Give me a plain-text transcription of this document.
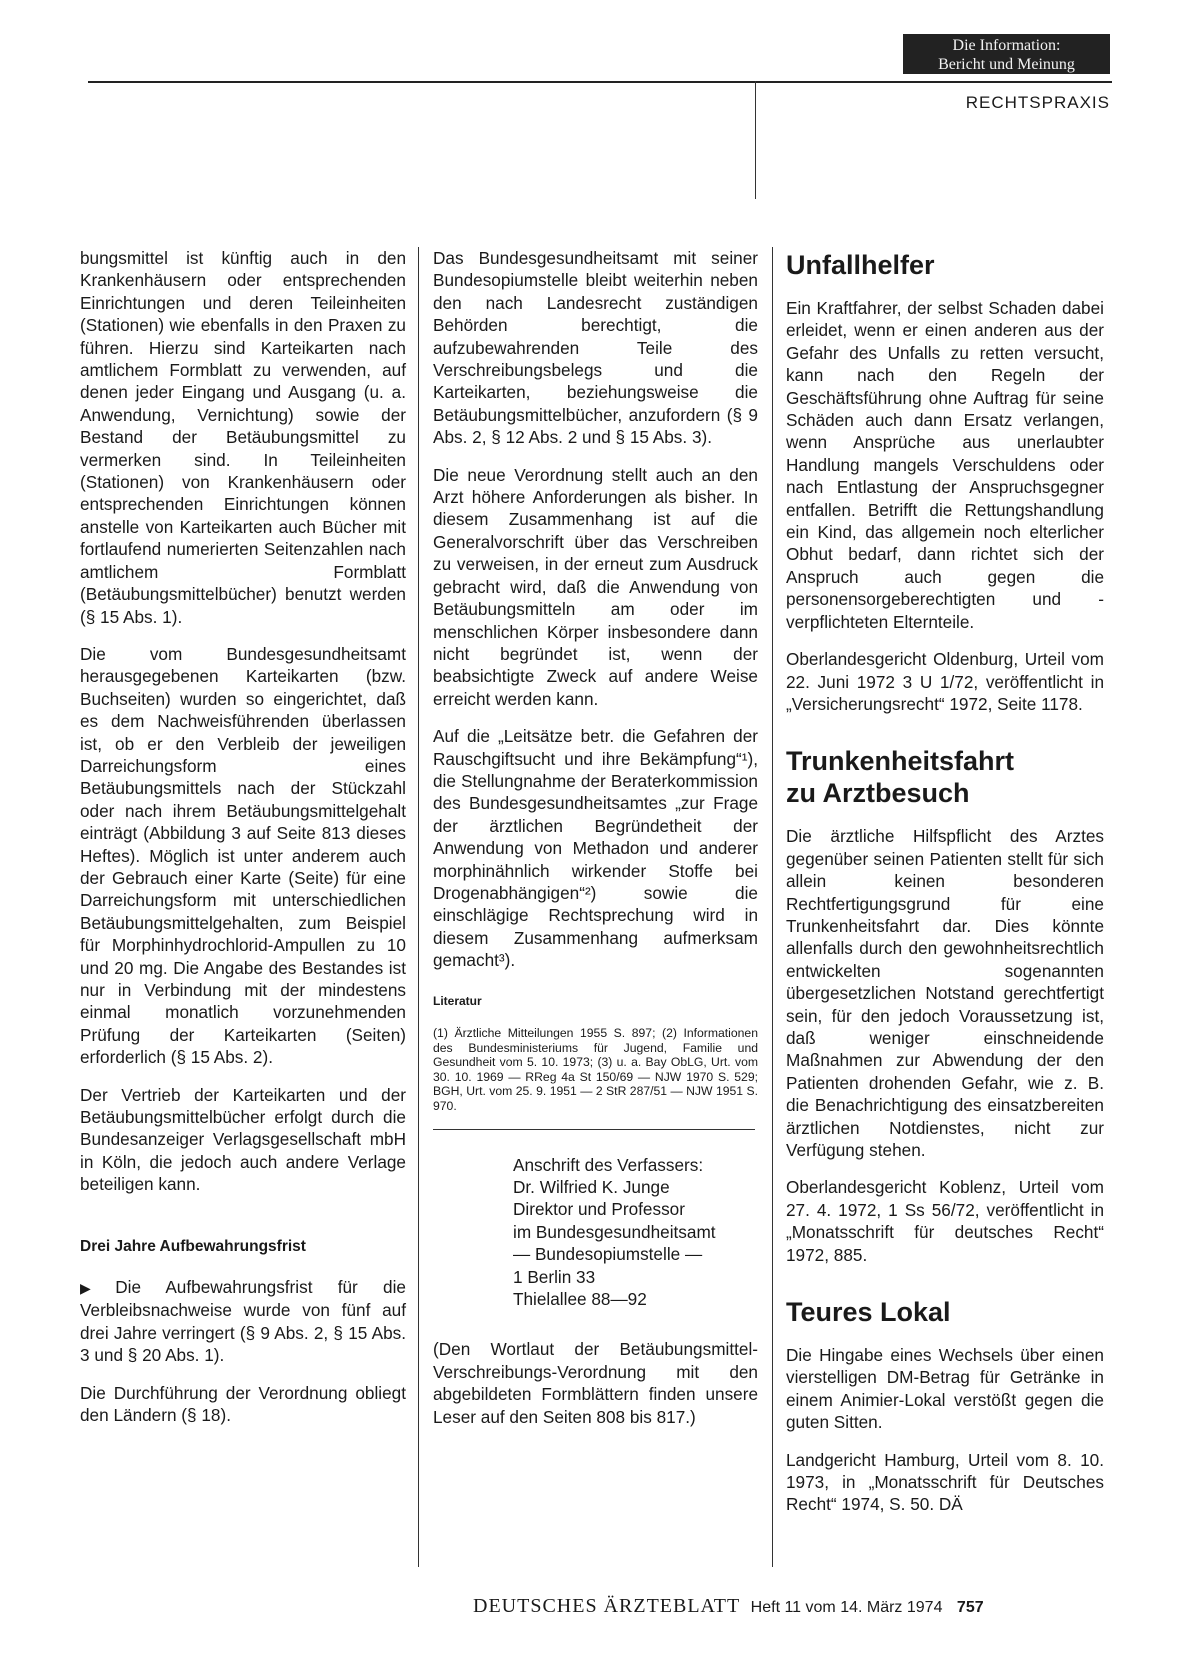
Die Information:
Bericht und Meinung
RECHTSPRAXIS

bungsmittel ist künftig auch in den Krankenhäusern oder entsprechenden Einrichtungen und deren Teileinheiten (Stationen) wie ebenfalls in den Praxen zu führen. Hierzu sind Karteikarten nach amtlichem Formblatt zu verwenden, auf denen jeder Eingang und Ausgang (u. a. Anwendung, Vernichtung) sowie der Bestand der Betäubungsmittel zu vermerken sind. In Teileinheiten (Stationen) von Krankenhäusern oder entsprechenden Einrichtungen können anstelle von Karteikarten auch Bücher mit fortlaufend numerierten Seitenzahlen nach amtlichem Formblatt (Betäubungsmittelbücher) benutzt werden (§ 15 Abs. 1).

Die vom Bundesgesundheitsamt herausgegebenen Karteikarten (bzw. Buchseiten) wurden so eingerichtet, daß es dem Nachweisführenden überlassen ist, ob er den Verbleib der jeweiligen Darreichungsform eines Betäubungsmittels nach der Stückzahl oder nach ihrem Betäubungsmittelgehalt einträgt (Abbildung 3 auf Seite 813 dieses Heftes). Möglich ist unter anderem auch der Gebrauch einer Karte (Seite) für eine Darreichungsform mit unterschiedlichen Betäubungsmittelgehalten, zum Beispiel für Morphinhydrochlorid-Ampullen zu 10 und 20 mg. Die Angabe des Bestandes ist nur in Verbindung mit der mindestens einmal monatlich vorzunehmenden Prüfung der Karteikarten (Seiten) erforderlich (§ 15 Abs. 2).

Der Vertrieb der Karteikarten und der Betäubungsmittelbücher erfolgt durch die Bundesanzeiger Verlagsgesellschaft mbH in Köln, die jedoch auch andere Verlage beteiligen kann.

Drei Jahre Aufbewahrungsfrist

▶ Die Aufbewahrungsfrist für die Verbleibsnachweise wurde von fünf auf drei Jahre verringert (§ 9 Abs. 2, § 15 Abs. 3 und § 20 Abs. 1).

Die Durchführung der Verordnung obliegt den Ländern (§ 18).

Das Bundesgesundheitsamt mit seiner Bundesopiumstelle bleibt weiterhin neben den nach Landesrecht zuständigen Behörden berechtigt, die aufzubewahrenden Teile des Verschreibungsbelegs und die Karteikarten, beziehungsweise die Betäubungsmittelbücher, anzufordern (§ 9 Abs. 2, § 12 Abs. 2 und § 15 Abs. 3).

Die neue Verordnung stellt auch an den Arzt höhere Anforderungen als bisher. In diesem Zusammenhang ist auf die Generalvorschrift über das Verschreiben zu verweisen, in der erneut zum Ausdruck gebracht wird, daß die Anwendung von Betäubungsmitteln am oder im menschlichen Körper insbesondere dann nicht begründet ist, wenn der beabsichtigte Zweck auf andere Weise erreicht werden kann.

Auf die „Leitsätze betr. die Gefahren der Rauschgiftsucht und ihre Bekämpfung“¹), die Stellungnahme der Beraterkommission des Bundesgesundheitsamtes „zur Frage der ärztlichen Begründetheit der Anwendung von Methadon und anderer morphinähnlich wirkender Stoffe bei Drogenabhängigen“²) sowie die einschlägige Rechtsprechung wird in diesem Zusammenhang aufmerksam gemacht³).

Literatur

(1) Ärztliche Mitteilungen 1955 S. 897; (2) Informationen des Bundesministeriums für Jugend, Familie und Gesundheit vom 5. 10. 1973; (3) u. a. Bay ObLG, Urt. vom 30. 10. 1969 — RReg 4a St 150/69 — NJW 1970 S. 529; BGH, Urt. vom 25. 9. 1951 — 2 StR 287/51 — NJW 1951 S. 970.

Anschrift des Verfassers:
Dr. Wilfried K. Junge
Direktor und Professor
im Bundesgesundheitsamt
— Bundesopiumstelle —
1 Berlin 33
Thielallee 88—92

(Den Wortlaut der Betäubungsmittel-Verschreibungs-Verordnung mit den abgebildeten Formblättern finden unsere Leser auf den Seiten 808 bis 817.)

Unfallhelfer

Ein Kraftfahrer, der selbst Schaden dabei erleidet, wenn er einen anderen aus der Gefahr des Unfalls zu retten versucht, kann nach den Regeln der Geschäftsführung ohne Auftrag für seine Schäden auch dann Ersatz verlangen, wenn Ansprüche aus unerlaubter Handlung mangels Verschuldens oder nach Entlastung der Anspruchsgegner entfallen. Betrifft die Rettungshandlung ein Kind, das allgemein noch elterlicher Obhut bedarf, dann richtet sich der Anspruch auch gegen die personensorgeberechtigten und -verpflichteten Elternteile.

Oberlandesgericht Oldenburg, Urteil vom 22. Juni 1972 3 U 1/72, veröffentlicht in „Versicherungsrecht“ 1972, Seite 1178.

Trunkenheitsfahrt
zu Arztbesuch

Die ärztliche Hilfspflicht des Arztes gegenüber seinen Patienten stellt für sich allein keinen besonderen Rechtfertigungsgrund für eine Trunkenheitsfahrt dar. Dies könnte allenfalls durch den gewohnheitsrechtlich entwickelten sogenannten übergesetzlichen Notstand gerechtfertigt sein, für den jedoch Voraussetzung ist, daß weniger einschneidende Maßnahmen zur Abwendung der den Patienten drohenden Gefahr, wie z. B. die Benachrichtigung des einsatzbereiten ärztlichen Notdienstes, nicht zur Verfügung stehen.

Oberlandesgericht Koblenz, Urteil vom 27. 4. 1972, 1 Ss 56/72, veröffentlicht in „Monatsschrift für deutsches Recht“ 1972, 885.

Teures Lokal

Die Hingabe eines Wechsels über einen vierstelligen DM-Betrag für Getränke in einem Animier-Lokal verstößt gegen die guten Sitten.

Landgericht Hamburg, Urteil vom 8. 10. 1973, in „Monatsschrift für Deutsches Recht“ 1974, S. 50. DÄ

DEUTSCHES ÄRZTEBLATT Heft 11 vom 14. März 1974 757
